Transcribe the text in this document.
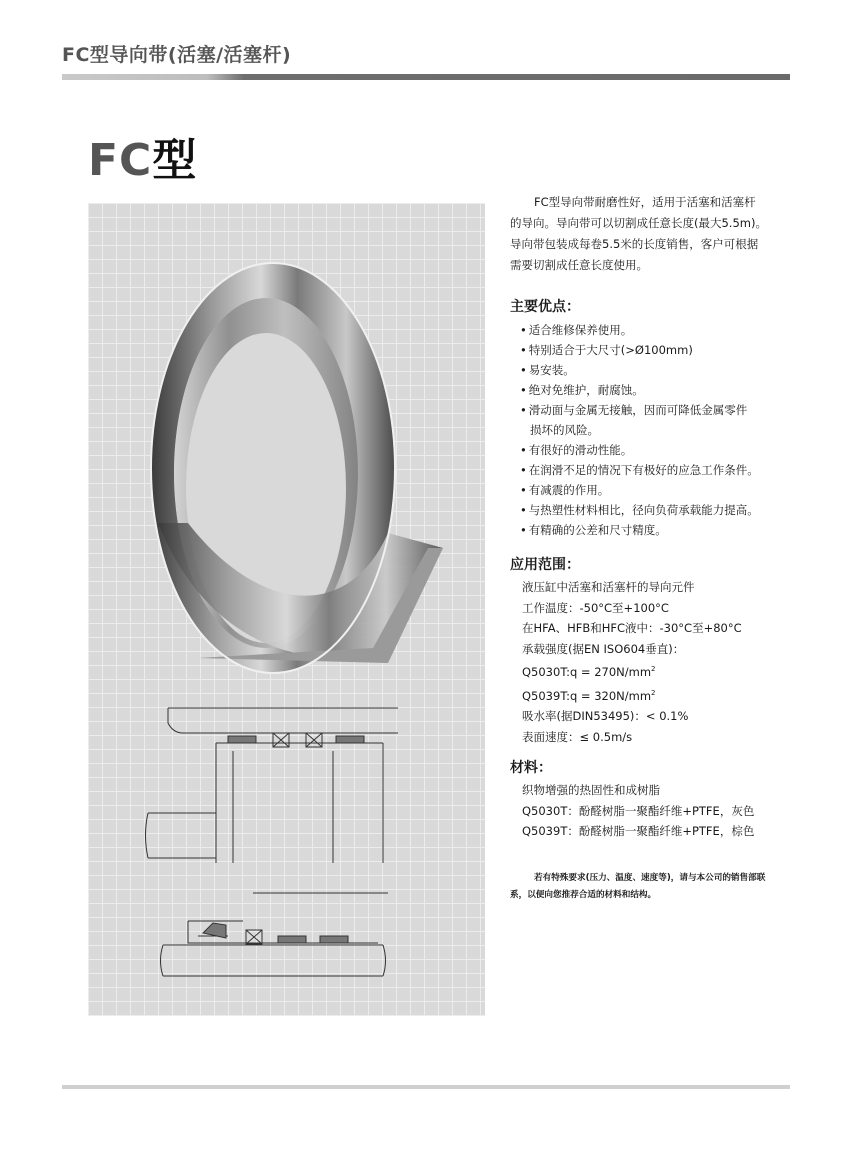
FC型导向带(活塞/活塞杆)
FC型

FC型导向带耐磨性好，适用于活塞和活塞杆
的导向。导向带可以切割成任意长度(最大5.5m)。
导向带包装成每卷5.5米的长度销售，客户可根据
需要切割成任意长度使用。

主要优点：

• 适合维修保养使用。
• 特别适合于大尺寸(>Ø100mm)
• 易安装。
• 绝对免维护，耐腐蚀。
• 滑动面与金属无接触，因而可降低金属零件
损坏的风险。
• 有很好的滑动性能。
• 在润滑不足的情况下有极好的应急工作条件。
• 有减震的作用。
• 与热塑性材料相比，径向负荷承载能力提高。
• 有精确的公差和尺寸精度。

应用范围：

液压缸中活塞和活塞杆的导向元件
工作温度：-50°C至+100°C
在HFA、HFB和HFC液中：-30°C至+80°C
承载强度(据EN ISO604垂直)：
Q5030T:q = $270N/mm^2$
Q5039T:q = $320N/mm^2$
吸水率(据DIN53495)：< 0.1%
表面速度：≤ 0.5m/s

材料：

织物增强的热固性和成树脂
Q5030T：酚醛树脂一聚酯纤维+PTFE，灰色
Q5039T：酚醛树脂一聚酯纤维+PTFE，棕色
若有特殊要求(压力、温度、速度等)，请与本公司的销售部联
系，以便向您推荐合适的材料和结构。
